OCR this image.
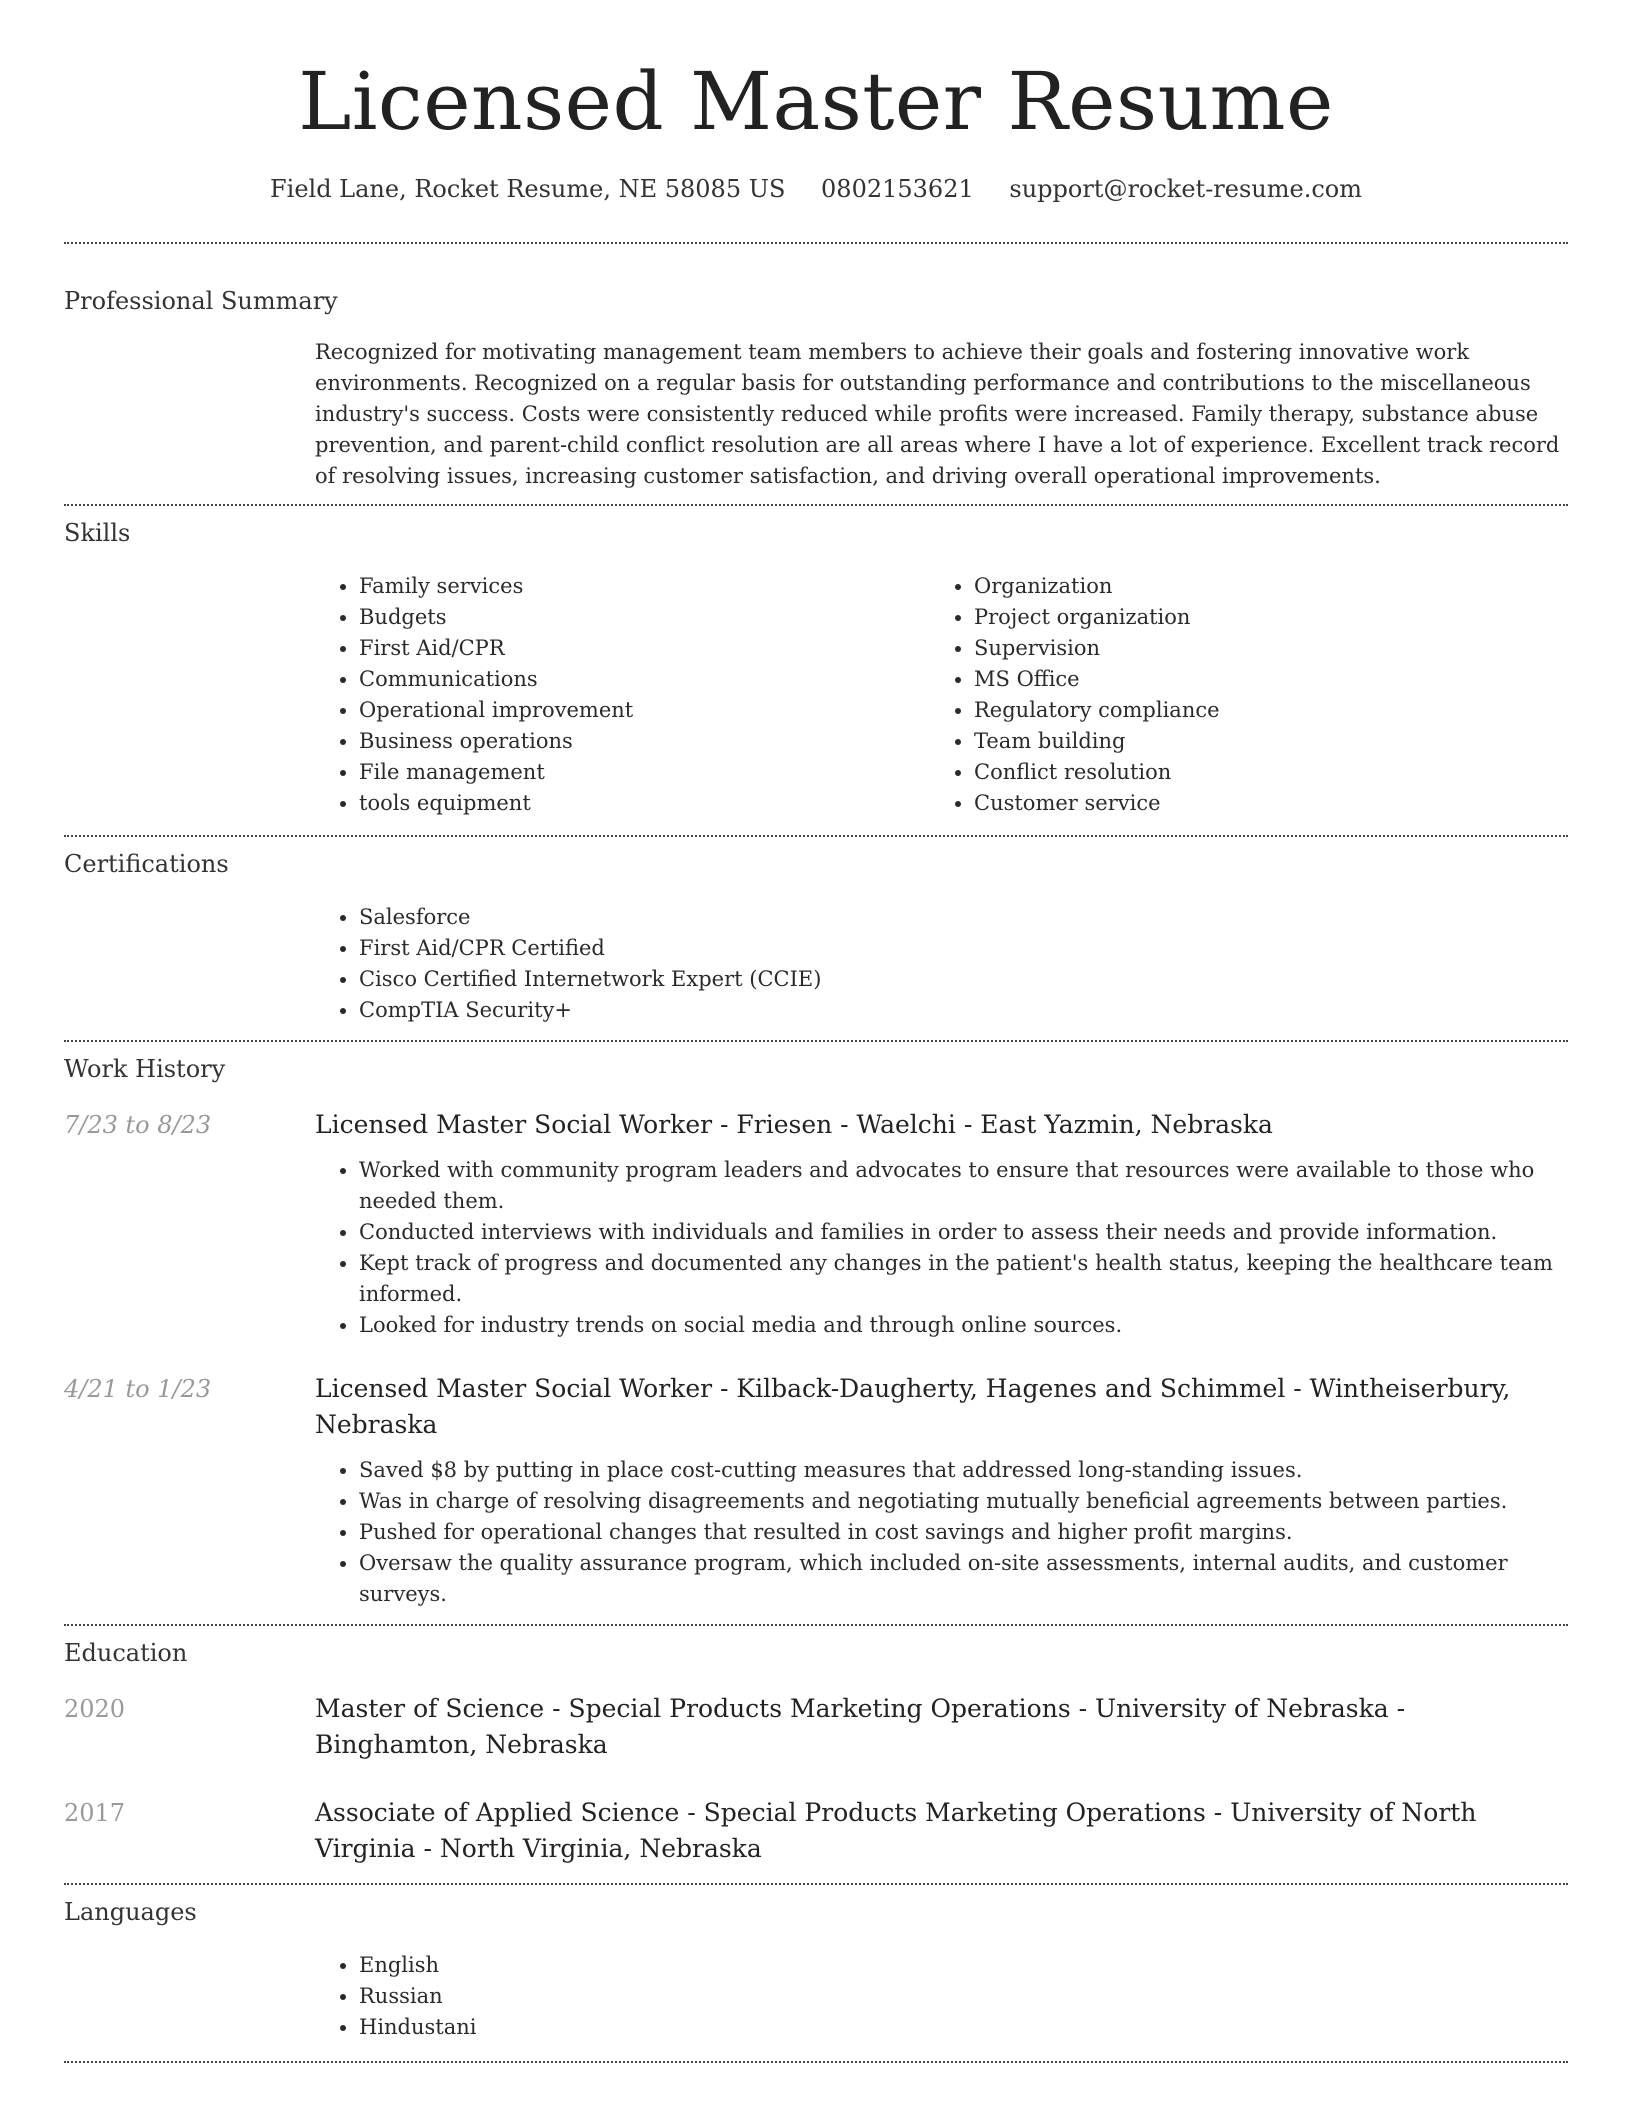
Licensed Master Resume
Field Lane, Rocket Resume, NE 58085 US 0802153621 support@rocket-resume.com
Professional Summary
Recognized for motivating management team members to achieve their goals and fostering innovative work environments. Recognized on a regular basis for outstanding performance and contributions to the miscellaneous industry's success. Costs were consistently reduced while profits were increased. Family therapy, substance abuse prevention, and parent-child conflict resolution are all areas where I have a lot of experience. Excellent track record of resolving issues, increasing customer satisfaction, and driving overall operational improvements.
Skills
• Family services
• Budgets
• First Aid/CPR
• Communications
• Operational improvement
• Business operations
• File management
• tools equipment
• Organization
• Project organization
• Supervision
• MS Office
• Regulatory compliance
• Team building
• Conflict resolution
• Customer service
Certifications
• Salesforce
• First Aid/CPR Certified
• Cisco Certified Internetwork Expert (CCIE)
• CompTIA Security+
Work History
7/23 to 8/23	Licensed Master Social Worker - Friesen - Waelchi - East Yazmin, Nebraska
• Worked with community program leaders and advocates to ensure that resources were available to those who needed them.
• Conducted interviews with individuals and families in order to assess their needs and provide information.
• Kept track of progress and documented any changes in the patient's health status, keeping the healthcare team informed.
• Looked for industry trends on social media and through online sources.
4/21 to 1/23	Licensed Master Social Worker - Kilback-Daugherty, Hagenes and Schimmel - Wintheiserbury, Nebraska
• Saved $8 by putting in place cost-cutting measures that addressed long-standing issues.
• Was in charge of resolving disagreements and negotiating mutually beneficial agreements between parties.
• Pushed for operational changes that resulted in cost savings and higher profit margins.
• Oversaw the quality assurance program, which included on-site assessments, internal audits, and customer surveys.
Education
2020	Master of Science - Special Products Marketing Operations - University of Nebraska - Binghamton, Nebraska
2017	Associate of Applied Science - Special Products Marketing Operations - University of North Virginia - North Virginia, Nebraska
Languages
• English
• Russian
• Hindustani
